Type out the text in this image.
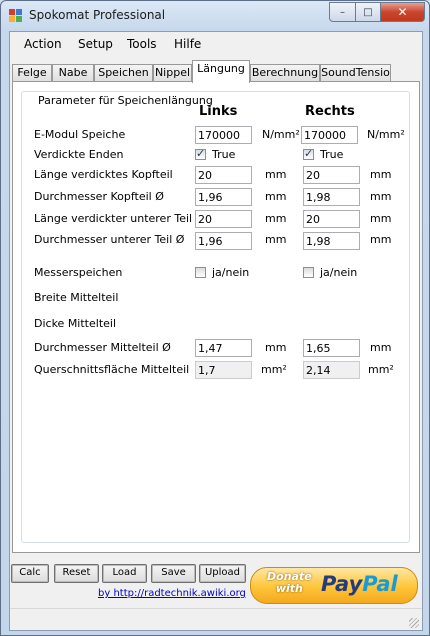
Spokomat Professional	–	□	✕
Action Setup Tools Hilfe
Felge	Nabe Speichen Nippel Längung Berechnung SoundTensio
Parameter für Speichenlängung
Links	Rechts
E-Modul Speiche	170000	N/mm² 170000	N/mm²
Verdickte Enden ✓	True ✓	True
Länge verdicktes Kopfteil 20	mm 20	mm
Durchmesser Kopfteil Ø	1,96	mm 1,98	mm
Länge verdickter unterer Teil 20	mm 20	mm
Durchmesser unterer Teil Ø 1,96	mm 1,98	mm
Messerspeichen	ja/nein	ja/nein
Breite Mittelteil
Dicke Mittelteil
Durchmesser Mittelteil Ø 1,47	mm 1,65	mm
Querschnittsfläche Mittelteil 1,7	mm² 2,14	mm²
Calc	Reset	Load	Save	Upload
by http://radtechnik.awiki.org
Donate
with PayPal
